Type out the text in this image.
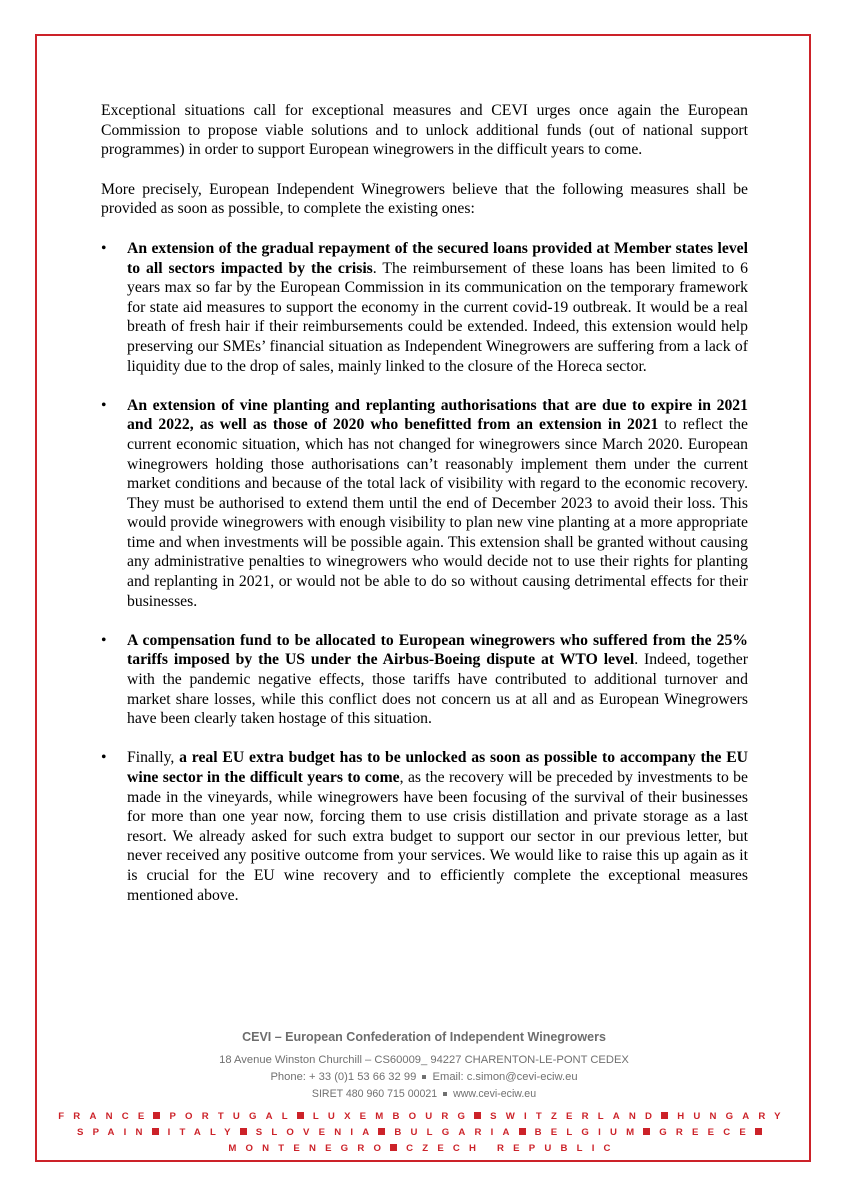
Exceptional situations call for exceptional measures and CEVI urges once again the European Commission to propose viable solutions and to unlock additional funds (out of national support programmes) in order to support European winegrowers in the difficult years to come.

More precisely, European Independent Winegrowers believe that the following measures shall be provided as soon as possible, to complete the existing ones:

• An extension of the gradual repayment of the secured loans provided at Member states level to all sectors impacted by the crisis. The reimbursement of these loans has been limited to 6 years max so far by the European Commission in its communication on the temporary framework for state aid measures to support the economy in the current covid-19 outbreak. It would be a real breath of fresh hair if their reimbursements could be extended. Indeed, this extension would help preserving our SMEs’ financial situation as Independent Winegrowers are suffering from a lack of liquidity due to the drop of sales, mainly linked to the closure of the Horeca sector.
• An extension of vine planting and replanting authorisations that are due to expire in 2021 and 2022, as well as those of 2020 who benefitted from an extension in 2021 to reflect the current economic situation, which has not changed for winegrowers since March 2020. European winegrowers holding those authorisations can’t reasonably implement them under the current market conditions and because of the total lack of visibility with regard to the economic recovery. They must be authorised to extend them until the end of December 2023 to avoid their loss. This would provide winegrowers with enough visibility to plan new vine planting at a more appropriate time and when investments will be possible again. This extension shall be granted without causing any administrative penalties to winegrowers who would decide not to use their rights for planting and replanting in 2021, or would not be able to do so without causing detrimental effects for their businesses.
• A compensation fund to be allocated to European winegrowers who suffered from the 25% tariffs imposed by the US under the Airbus-Boeing dispute at WTO level. Indeed, together with the pandemic negative effects, those tariffs have contributed to additional turnover and market share losses, while this conflict does not concern us at all and as European Winegrowers have been clearly taken hostage of this situation.
• Finally, a real EU extra budget has to be unlocked as soon as possible to accompany the EU wine sector in the difficult years to come, as the recovery will be preceded by investments to be made in the vineyards, while winegrowers have been focusing of the survival of their businesses for more than one year now, forcing them to use crisis distillation and private storage as a last resort. We already asked for such extra budget to support our sector in our previous letter, but never received any positive outcome from your services. We would like to raise this up again as it is crucial for the EU wine recovery and to efficiently complete the exceptional measures mentioned above.
CEVI – European Confederation of Independent Winegrowers
18 Avenue Winston Churchill – CS60009_ 94227 CHARENTON-LE-PONT CEDEX
Phone: + 33 (0)1 53 66 32 99 Email: c.simon@cevi-eciw.eu
SIRET 480 960 715 00021 www.cevi-eciw.eu
FRANCE PORTUGAL LUXEMBOURG SWITZERLAND HUNGARY
SPAIN ITALY SLOVENIA BULGARIA BELGIUM GREECE
MONTENEGRO CZECH REPUBLIC
